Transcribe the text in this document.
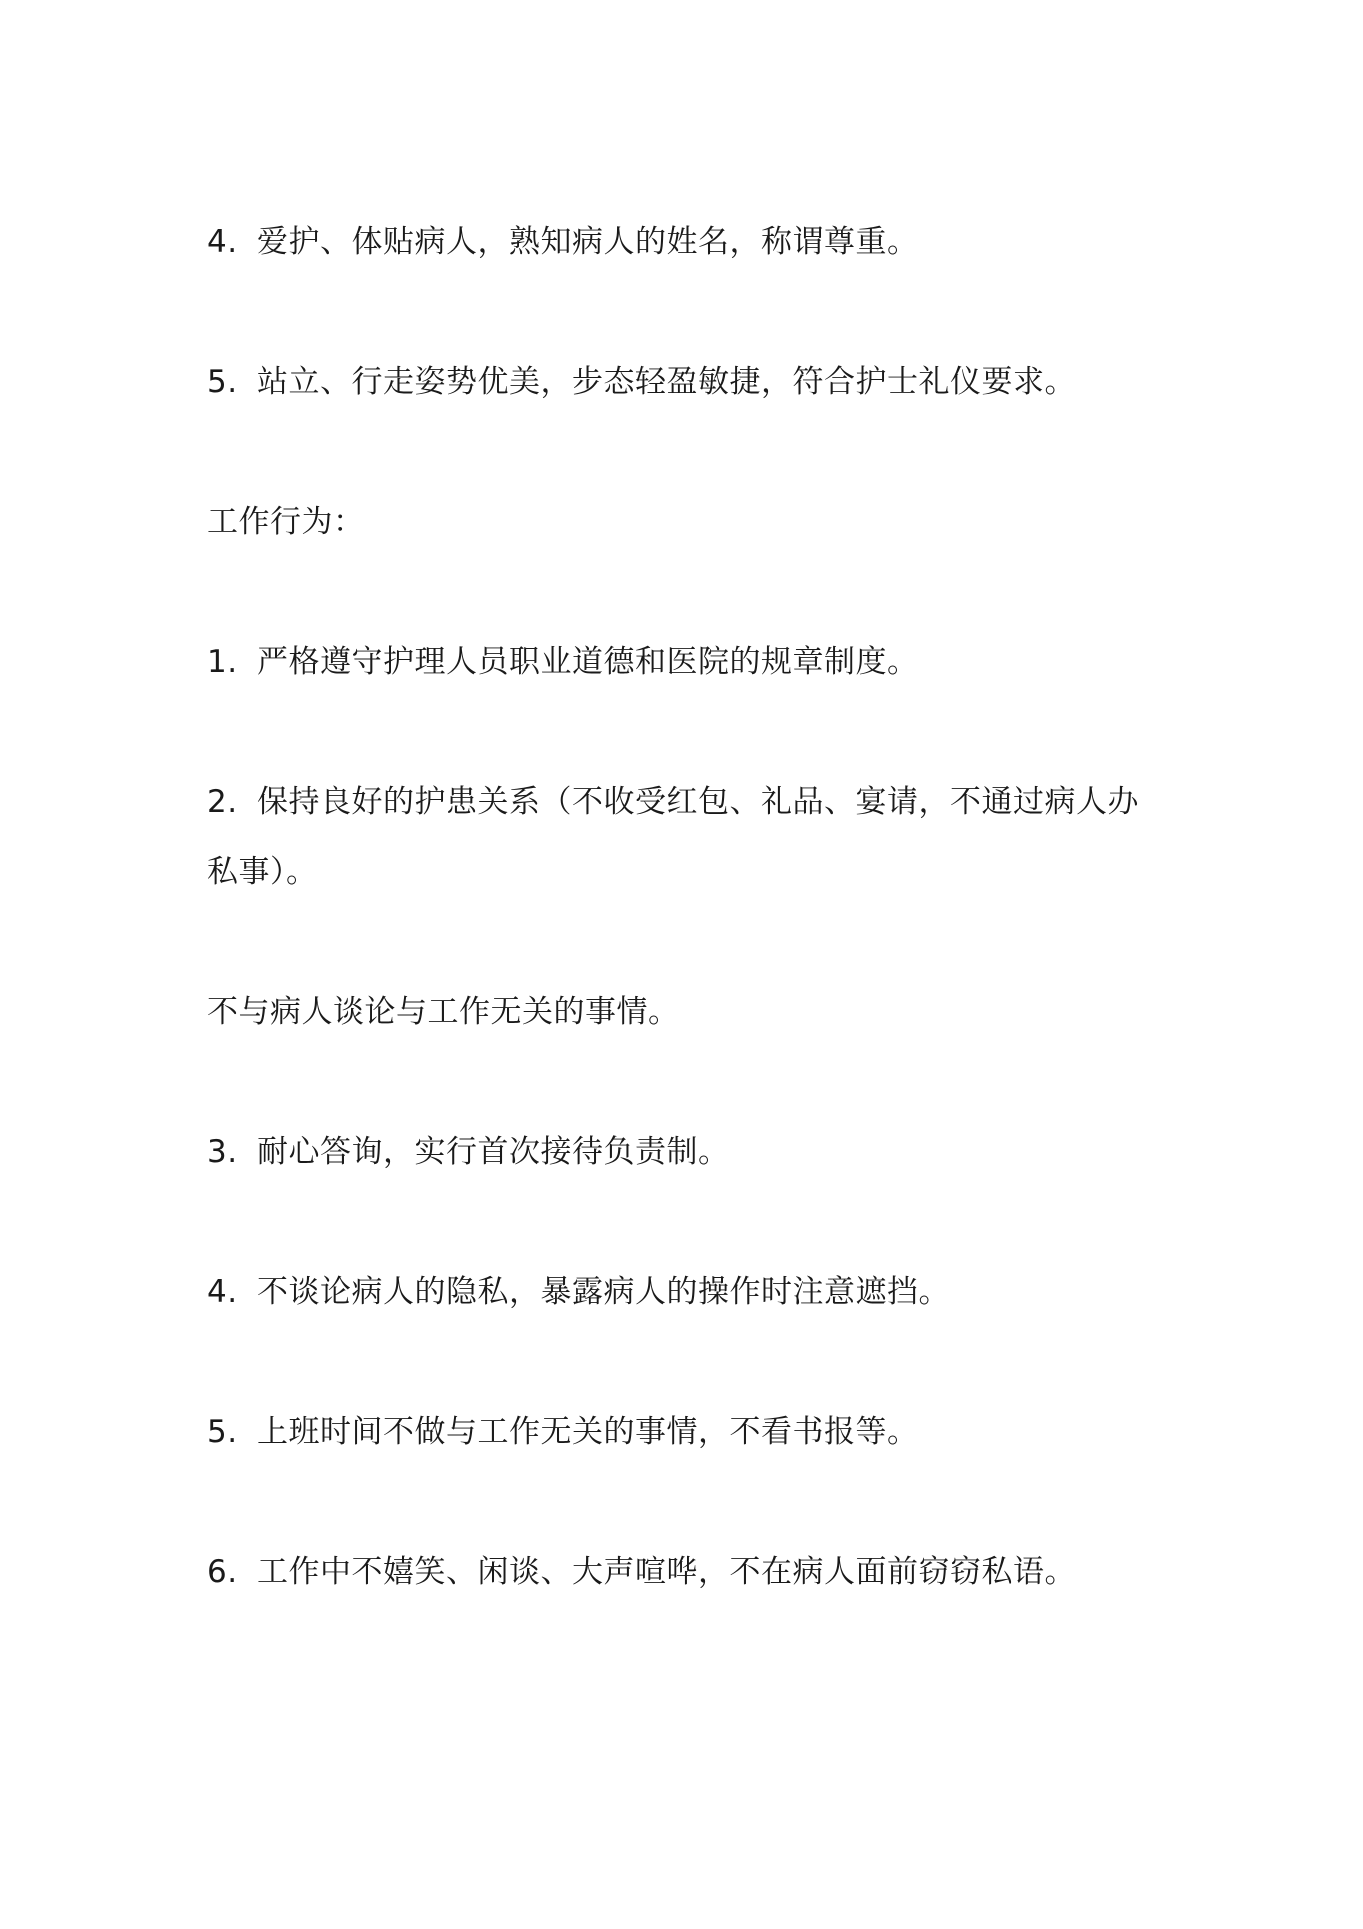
4. 爱护、体贴病人，熟知病人的姓名，称谓尊重。

5. 站立、行走姿势优美，步态轻盈敏捷，符合护士礼仪要求。

工作行为：

1. 严格遵守护理人员职业道德和医院的规章制度。

2. 保持良好的护患关系（不收受红包、礼品、宴请，不通过病人办私事）。

不与病人谈论与工作无关的事情。

3. 耐心答询，实行首次接待负责制。

4. 不谈论病人的隐私，暴露病人的操作时注意遮挡。

5. 上班时间不做与工作无关的事情，不看书报等。

6. 工作中不嬉笑、闲谈、大声喧哗，不在病人面前窃窃私语。
